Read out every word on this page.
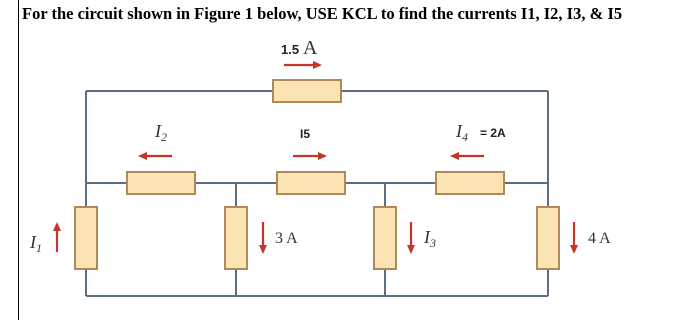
For the circuit shown in Figure 1 below, USE KCL to find the currents I1, I2, I3, & I5
1.5 A
$I_2$	I5	$I_4 = 2A$
$I_1$
3 A	$I_3$	4 A
